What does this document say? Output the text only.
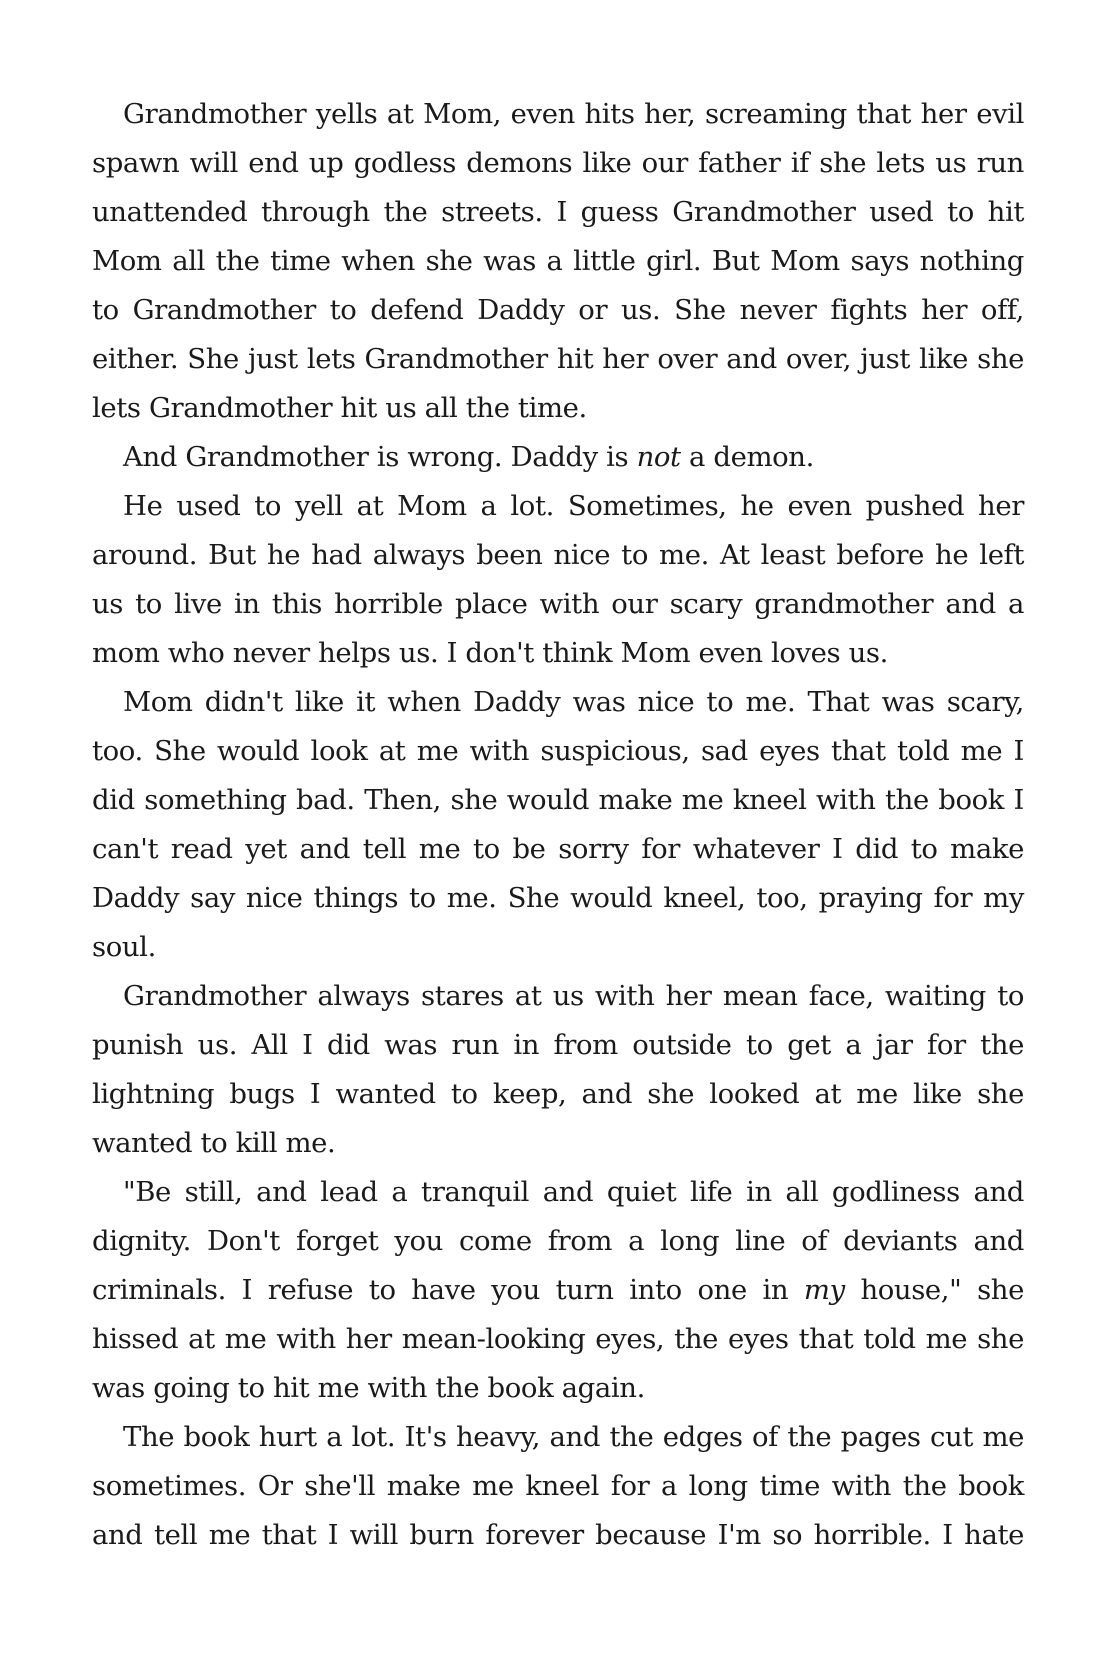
Grandmother yells at Mom, even hits her, screaming that her evil spawn will end up godless demons like our father if she lets us run unattended through the streets. I guess Grandmother used to hit Mom all the time when she was a little girl. But Mom says nothing to Grandmother to defend Daddy or us. She never fights her off, either. She just lets Grandmother hit her over and over, just like she lets Grandmother hit us all the time.

And Grandmother is wrong. Daddy is not a demon.

He used to yell at Mom a lot. Sometimes, he even pushed her around. But he had always been nice to me. At least before he left us to live in this horrible place with our scary grandmother and a mom who never helps us. I don't think Mom even loves us.

Mom didn't like it when Daddy was nice to me. That was scary, too. She would look at me with suspicious, sad eyes that told me I did something bad. Then, she would make me kneel with the book I can't read yet and tell me to be sorry for whatever I did to make Daddy say nice things to me. She would kneel, too, praying for my soul.

Grandmother always stares at us with her mean face, waiting to punish us. All I did was run in from outside to get a jar for the lightning bugs I wanted to keep, and she looked at me like she wanted to kill me.

"Be still, and lead a tranquil and quiet life in all godliness and dignity. Don't forget you come from a long line of deviants and criminals. I refuse to have you turn into one in my house," she hissed at me with her mean-looking eyes, the eyes that told me she was going to hit me with the book again.

The book hurt a lot. It's heavy, and the edges of the pages cut me sometimes. Or she'll make me kneel for a long time with the book and tell me that I will burn forever because I'm so horrible. I hate
